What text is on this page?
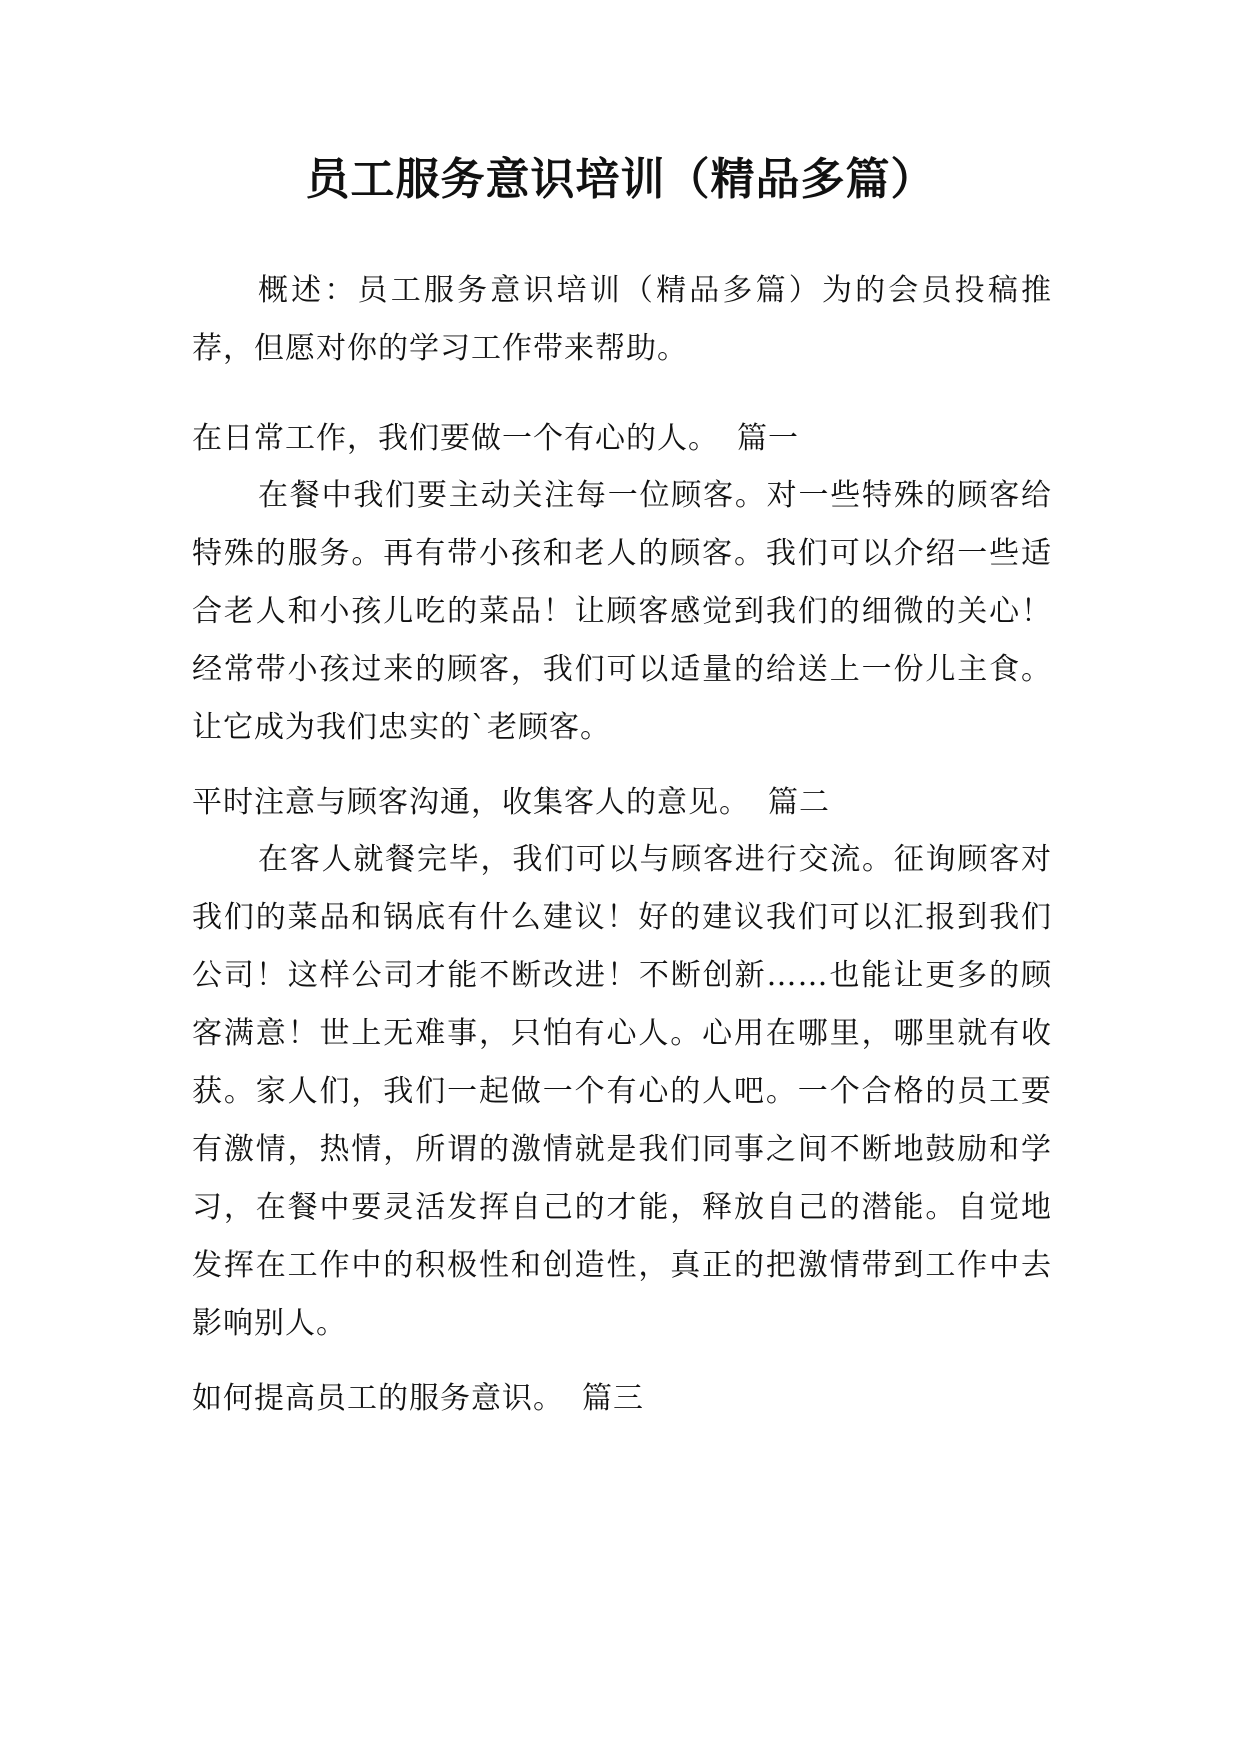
员工服务意识培训（精品多篇）
概述：员工服务意识培训（精品多篇）为的会员投稿推荐，但愿对你的学习工作带来帮助。
在日常工作，我们要做一个有心的人。 篇一
在餐中我们要主动关注每一位顾客。对一些特殊的顾客给特殊的服务。再有带小孩和老人的顾客。我们可以介绍一些适合老人和小孩儿吃的菜品！让顾客感觉到我们的细微的关心！经常带小孩过来的顾客，我们可以适量的给送上一份儿主食。让它成为我们忠实的`老顾客。
平时注意与顾客沟通，收集客人的意见。 篇二
在客人就餐完毕，我们可以与顾客进行交流。征询顾客对我们的菜品和锅底有什么建议！好的建议我们可以汇报到我们公司！这样公司才能不断改进！不断创新……也能让更多的顾客满意！世上无难事，只怕有心人。心用在哪里，哪里就有收获。家人们，我们一起做一个有心的人吧。一个合格的员工要有激情，热情，所谓的激情就是我们同事之间不断地鼓励和学习，在餐中要灵活发挥自己的才能，释放自己的潜能。自觉地发挥在工作中的积极性和创造性，真正的把激情带到工作中去影响别人。
如何提高员工的服务意识。 篇三
